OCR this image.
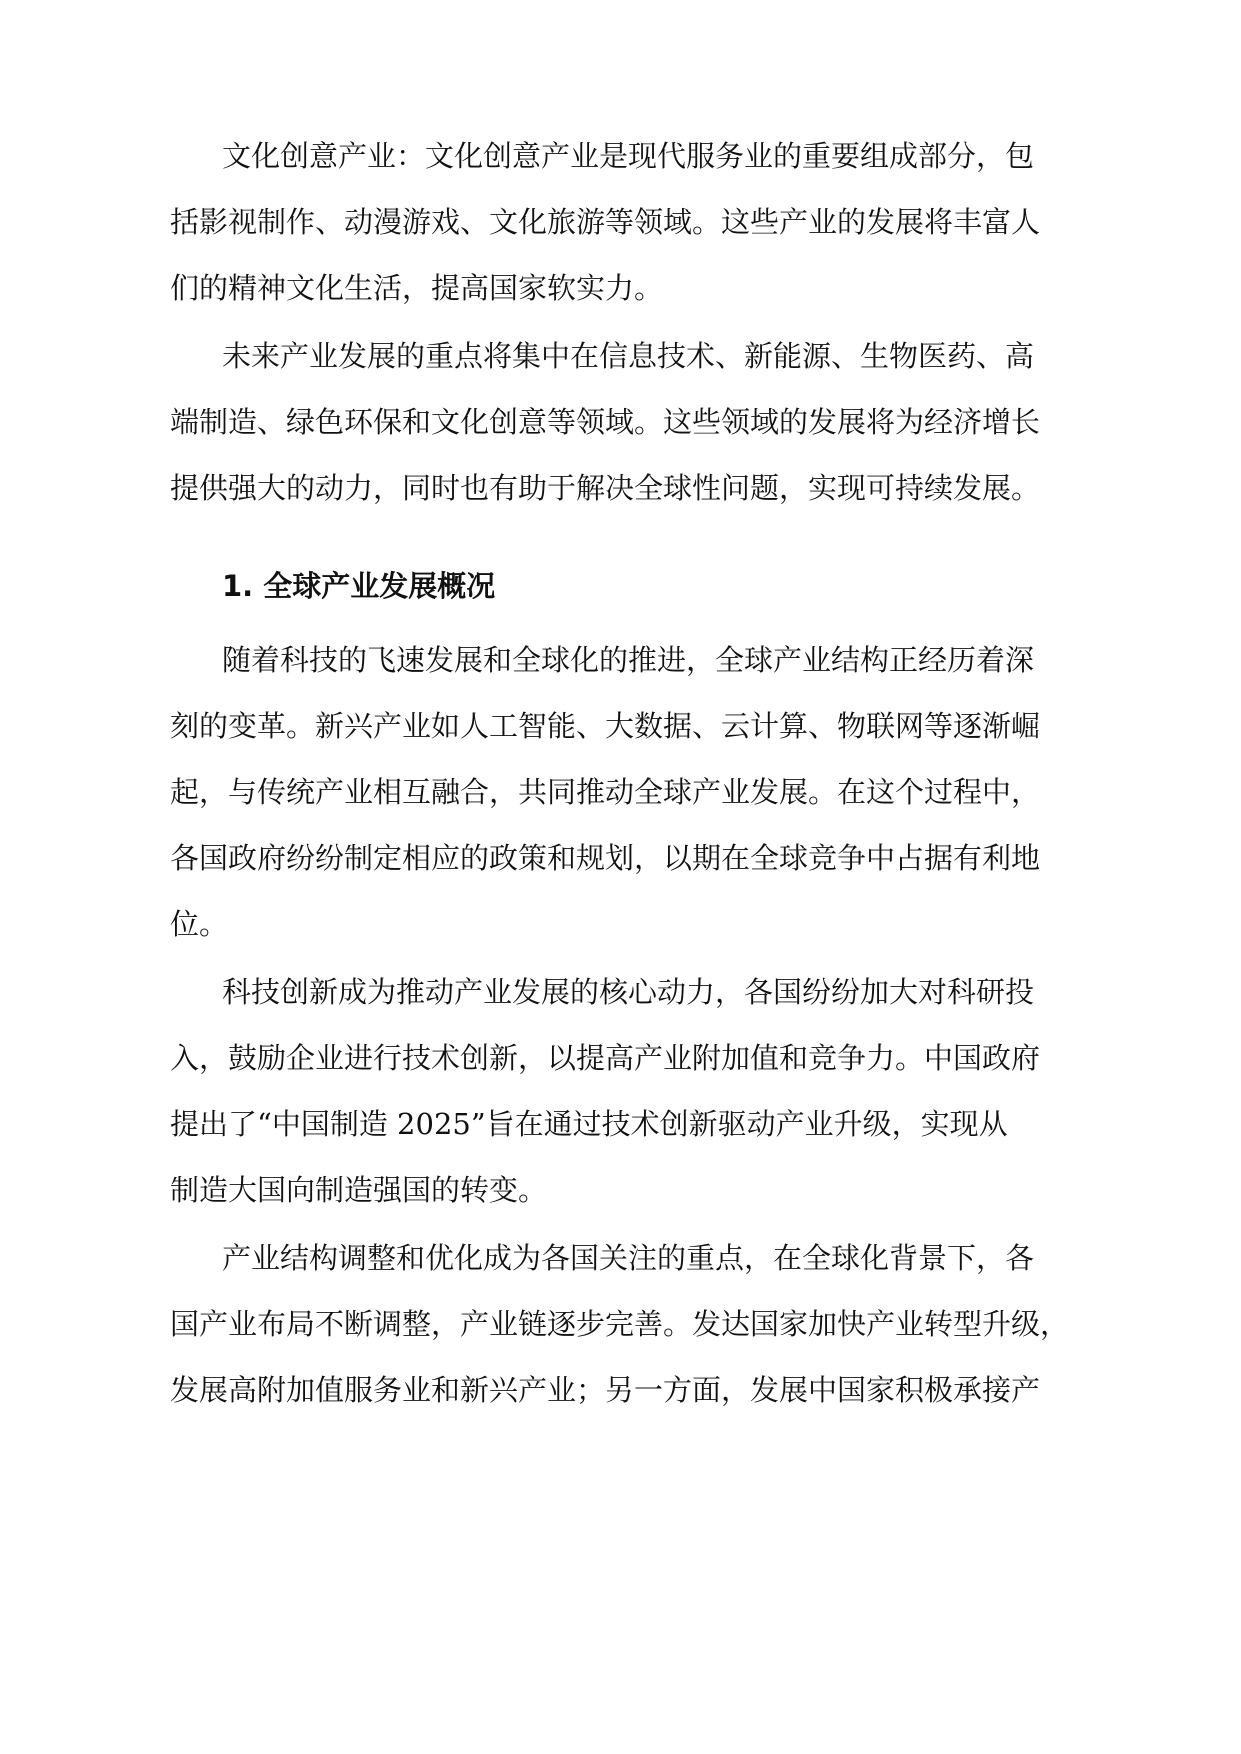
文化创意产业：文化创意产业是现代服务业的重要组成部分，包
括影视制作、动漫游戏、文化旅游等领域。这些产业的发展将丰富人
们的精神文化生活，提高国家软实力。
未来产业发展的重点将集中在信息技术、新能源、生物医药、高
端制造、绿色环保和文化创意等领域。这些领域的发展将为经济增长
提供强大的动力，同时也有助于解决全球性问题，实现可持续发展。
1. 全球产业发展概况
随着科技的飞速发展和全球化的推进，全球产业结构正经历着深
刻的变革。新兴产业如人工智能、大数据、云计算、物联网等逐渐崛
起，与传统产业相互融合，共同推动全球产业发展。在这个过程中，
各国政府纷纷制定相应的政策和规划，以期在全球竞争中占据有利地
位。
科技创新成为推动产业发展的核心动力，各国纷纷加大对科研投
入，鼓励企业进行技术创新，以提高产业附加值和竞争力。中国政府
提出了“中国制造 2025”旨在通过技术创新驱动产业升级，实现从
制造大国向制造强国的转变。
产业结构调整和优化成为各国关注的重点，在全球化背景下，各
国产业布局不断调整，产业链逐步完善。发达国家加快产业转型升级，
发展高附加值服务业和新兴产业；另一方面，发展中国家积极承接产
